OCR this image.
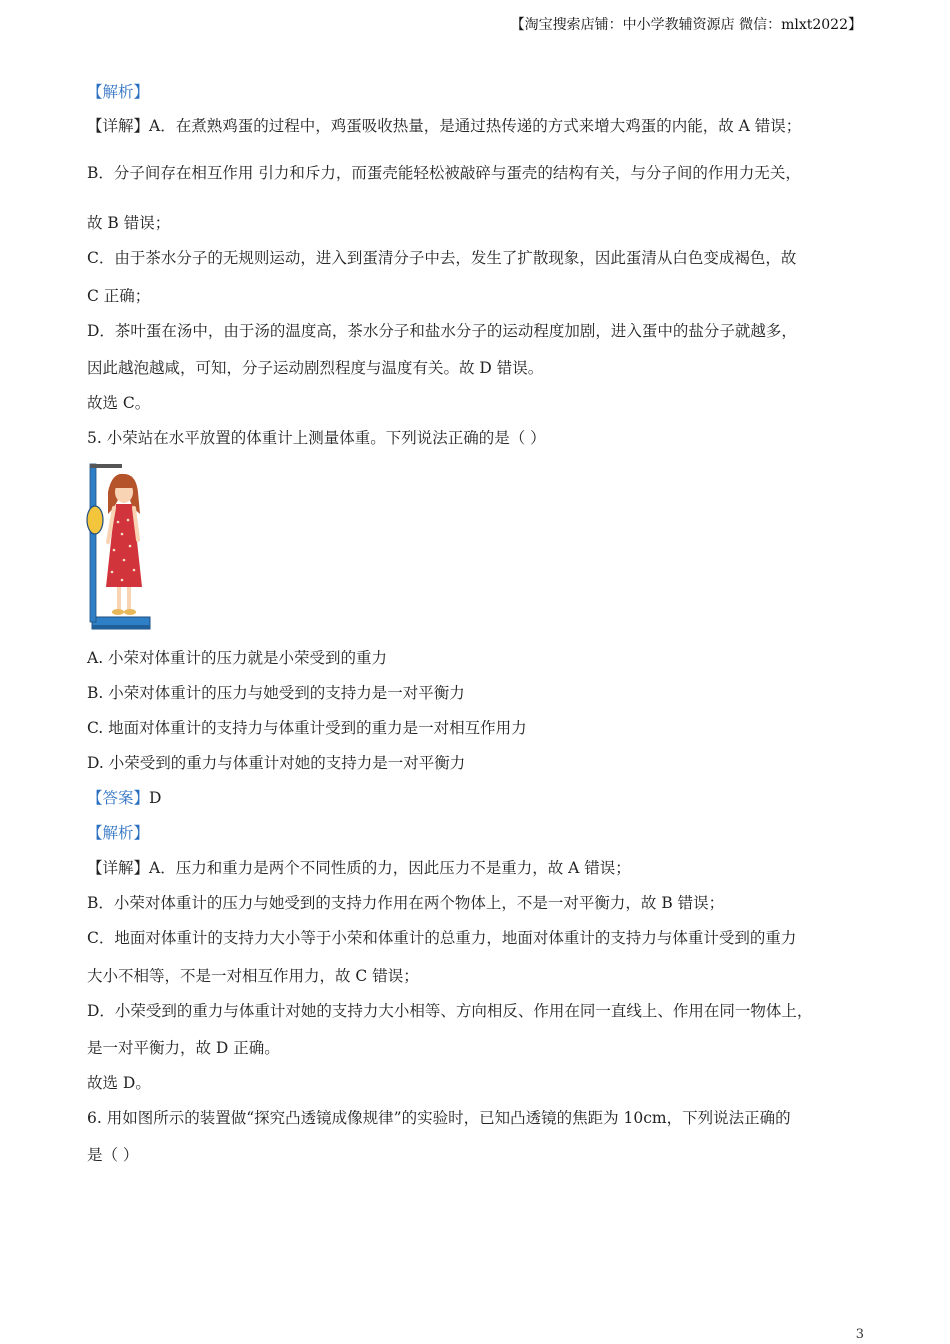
【淘宝搜索店铺：中小学教辅资源店 微信：mlxt2022】
【解析】
【详解】A．在煮熟鸡蛋的过程中，鸡蛋吸收热量，是通过热传递的方式来增大鸡蛋的内能，故 A 错误；
B．分子间存在相互作用 引力和斥力，而蛋壳能轻松被敲碎与蛋壳的结构有关，与分子间的作用力无关，
故 B 错误；
C．由于茶水分子的无规则运动，进入到蛋清分子中去，发生了扩散现象，因此蛋清从白色变成褐色，故
C 正确；
D．茶叶蛋在汤中，由于汤的温度高，茶水分子和盐水分子的运动程度加剧，进入蛋中的盐分子就越多，
因此越泡越咸，可知，分子运动剧烈程度与温度有关。故 D 错误。
故选 C。
5. 小荣站在水平放置的体重计上测量体重。下列说法正确的是（ ）
A. 小荣对体重计的压力就是小荣受到的重力
B. 小荣对体重计的压力与她受到的支持力是一对平衡力
C. 地面对体重计的支持力与体重计受到的重力是一对相互作用力
D. 小荣受到的重力与体重计对她的支持力是一对平衡力
【答案】D
【解析】
【详解】A．压力和重力是两个不同性质的力，因此压力不是重力，故 A 错误；
B．小荣对体重计的压力与她受到的支持力作用在两个物体上，不是一对平衡力，故 B 错误；
C．地面对体重计的支持力大小等于小荣和体重计的总重力，地面对体重计的支持力与体重计受到的重力
大小不相等，不是一对相互作用力，故 C 错误；
D．小荣受到的重力与体重计对她的支持力大小相等、方向相反、作用在同一直线上、作用在同一物体上，
是一对平衡力，故 D 正确。
故选 D。
6. 用如图所示的装置做“探究凸透镜成像规律”的实验时，已知凸透镜的焦距为 10cm，下列说法正确的
是（ ）
3
